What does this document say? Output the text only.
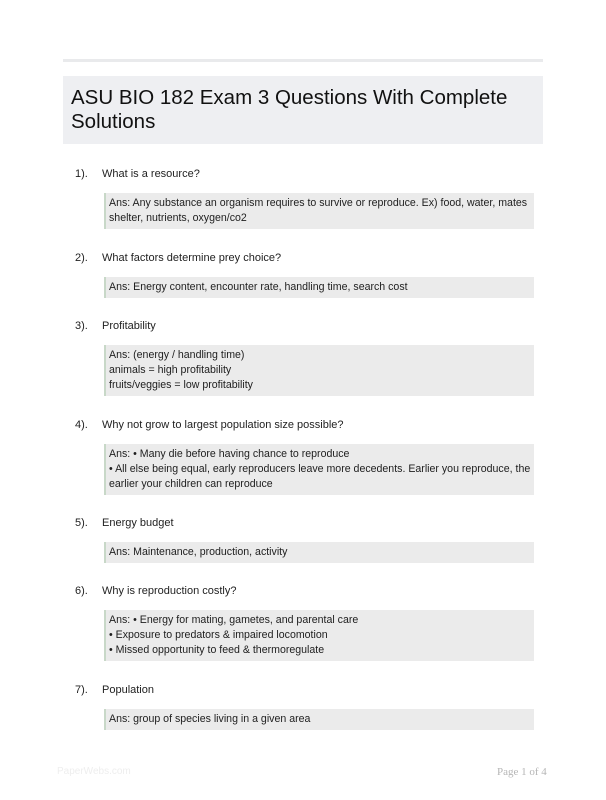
ASU BIO 182 Exam 3 Questions With Complete Solutions
1). What is a resource?
Ans: Any substance an organism requires to survive or reproduce. Ex) food, water, mates
shelter, nutrients, oxygen/co2
2). What factors determine prey choice?
Ans: Energy content, encounter rate, handling time, search cost
3). Profitability
Ans: (energy / handling time)
animals = high profitability
fruits/veggies = low profitability
4). Why not grow to largest population size possible?
Ans: • Many die before having chance to reproduce
• All else being equal, early reproducers leave more decedents. Earlier you reproduce, the
earlier your children can reproduce
5). Energy budget
Ans: Maintenance, production, activity
6). Why is reproduction costly?
Ans: • Energy for mating, gametes, and parental care
• Exposure to predators & impaired locomotion
• Missed opportunity to feed & thermoregulate
7). Population
Ans: group of species living in a given area
PaperWebs.com	Page 1 of 4
